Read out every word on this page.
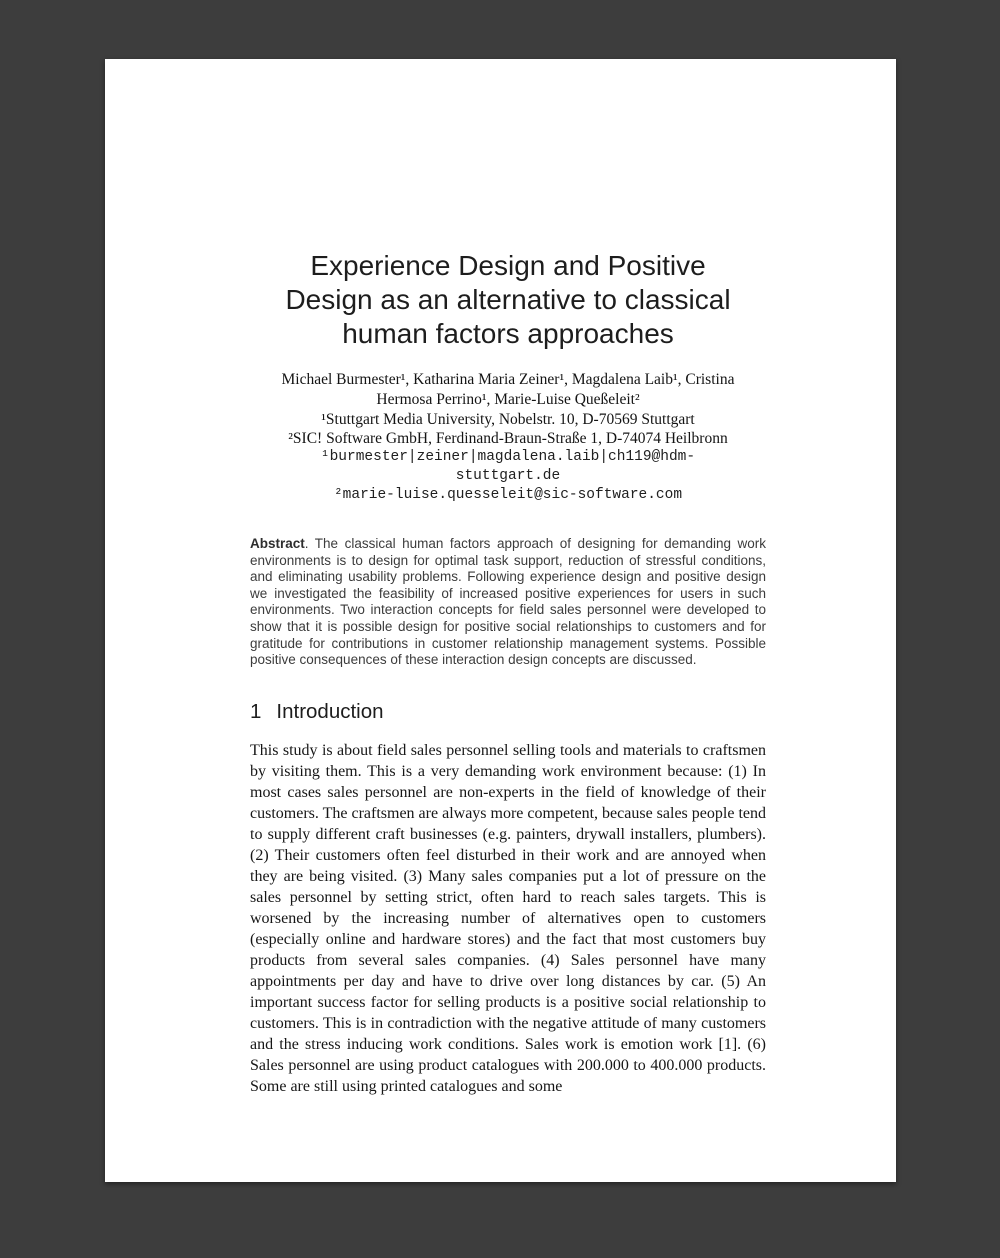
Experience Design and Positive
Design as an alternative to classical
human factors approaches
Michael Burmester¹, Katharina Maria Zeiner¹, Magdalena Laib¹, Cristina
Hermosa Perrino¹, Marie-Luise Queßeleit²
¹Stuttgart Media University, Nobelstr. 10, D-70569 Stuttgart
²SIC! Software GmbH, Ferdinand-Braun-Straße 1, D-74074 Heilbronn
¹burmester|zeiner|magdalena.laib|ch119@hdm-
stuttgart.de
²marie-luise.quesseleit@sic-software.com

Abstract. The classical human factors approach of designing for demanding work environments is to design for optimal task support, reduction of stressful conditions, and eliminating usability problems. Following experience design and positive design we investigated the feasibility of increased positive experiences for users in such environments. Two interaction concepts for field sales personnel were developed to show that it is possible design for positive social relationships to customers and for gratitude for contributions in customer relationship management systems. Possible positive consequences of these interaction design concepts are discussed.

1 Introduction

This study is about field sales personnel selling tools and materials to craftsmen by visiting them. This is a very demanding work environment because: (1) In most cases sales personnel are non-experts in the field of knowledge of their customers. The craftsmen are always more competent, because sales people tend to supply different craft businesses (e.g. painters, drywall installers, plumbers). (2) Their customers often feel disturbed in their work and are annoyed when they are being visited. (3) Many sales companies put a lot of pressure on the sales personnel by setting strict, often hard to reach sales targets. This is worsened by the increasing number of alternatives open to customers (especially online and hardware stores) and the fact that most customers buy products from several sales companies. (4) Sales personnel have many appointments per day and have to drive over long distances by car. (5) An important success factor for selling products is a positive social relationship to customers. This is in contradiction with the negative attitude of many customers and the stress inducing work conditions. Sales work is emotion work [1]. (6) Sales personnel are using product catalogues with 200.000 to 400.000 products. Some are still using printed catalogues and some
